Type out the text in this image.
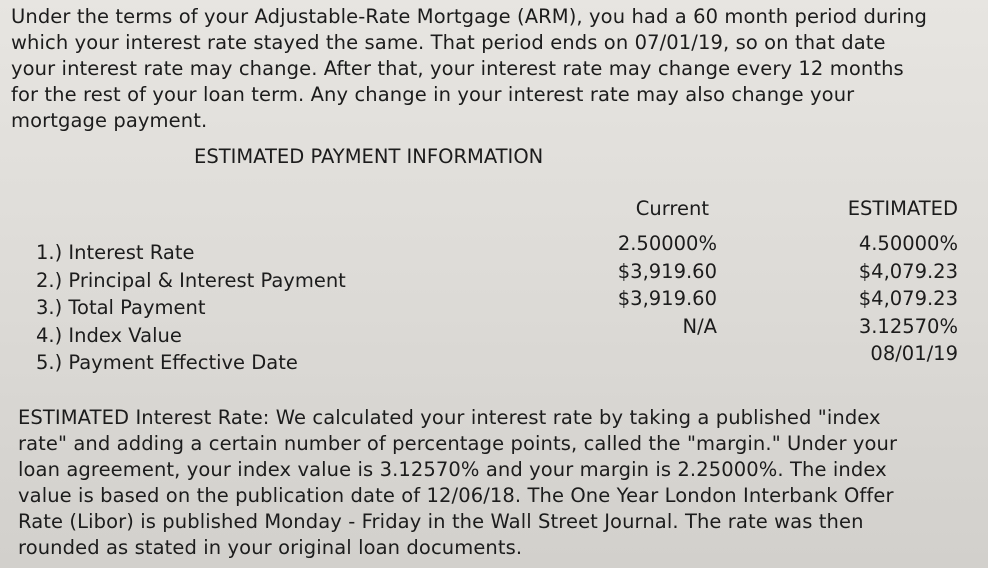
Under the terms of your Adjustable-Rate Mortgage (ARM), you had a 60 month period during
which your interest rate stayed the same. That period ends on 07/01/19, so on that date
your interest rate may change. After that, your interest rate may change every 12 months
for the rest of your loan term. Any change in your interest rate may also change your
mortgage payment.

ESTIMATED PAYMENT INFORMATION
Current	ESTIMATED
1.) Interest Rate
2.) Principal & Interest Payment
3.) Total Payment
4.) Index Value
5.) Payment Effective Date
2.50000%
$3,919.60
$3,919.60
N/A
4.50000%
$4,079.23
$4,079.23
3.12570%
08/01/19

ESTIMATED Interest Rate: We calculated your interest rate by taking a published "index
rate" and adding a certain number of percentage points, called the "margin." Under your
loan agreement, your index value is 3.12570% and your margin is 2.25000%. The index
value is based on the publication date of 12/06/18. The One Year London Interbank Offer
Rate (Libor) is published Monday - Friday in the Wall Street Journal. The rate was then
rounded as stated in your original loan documents.
